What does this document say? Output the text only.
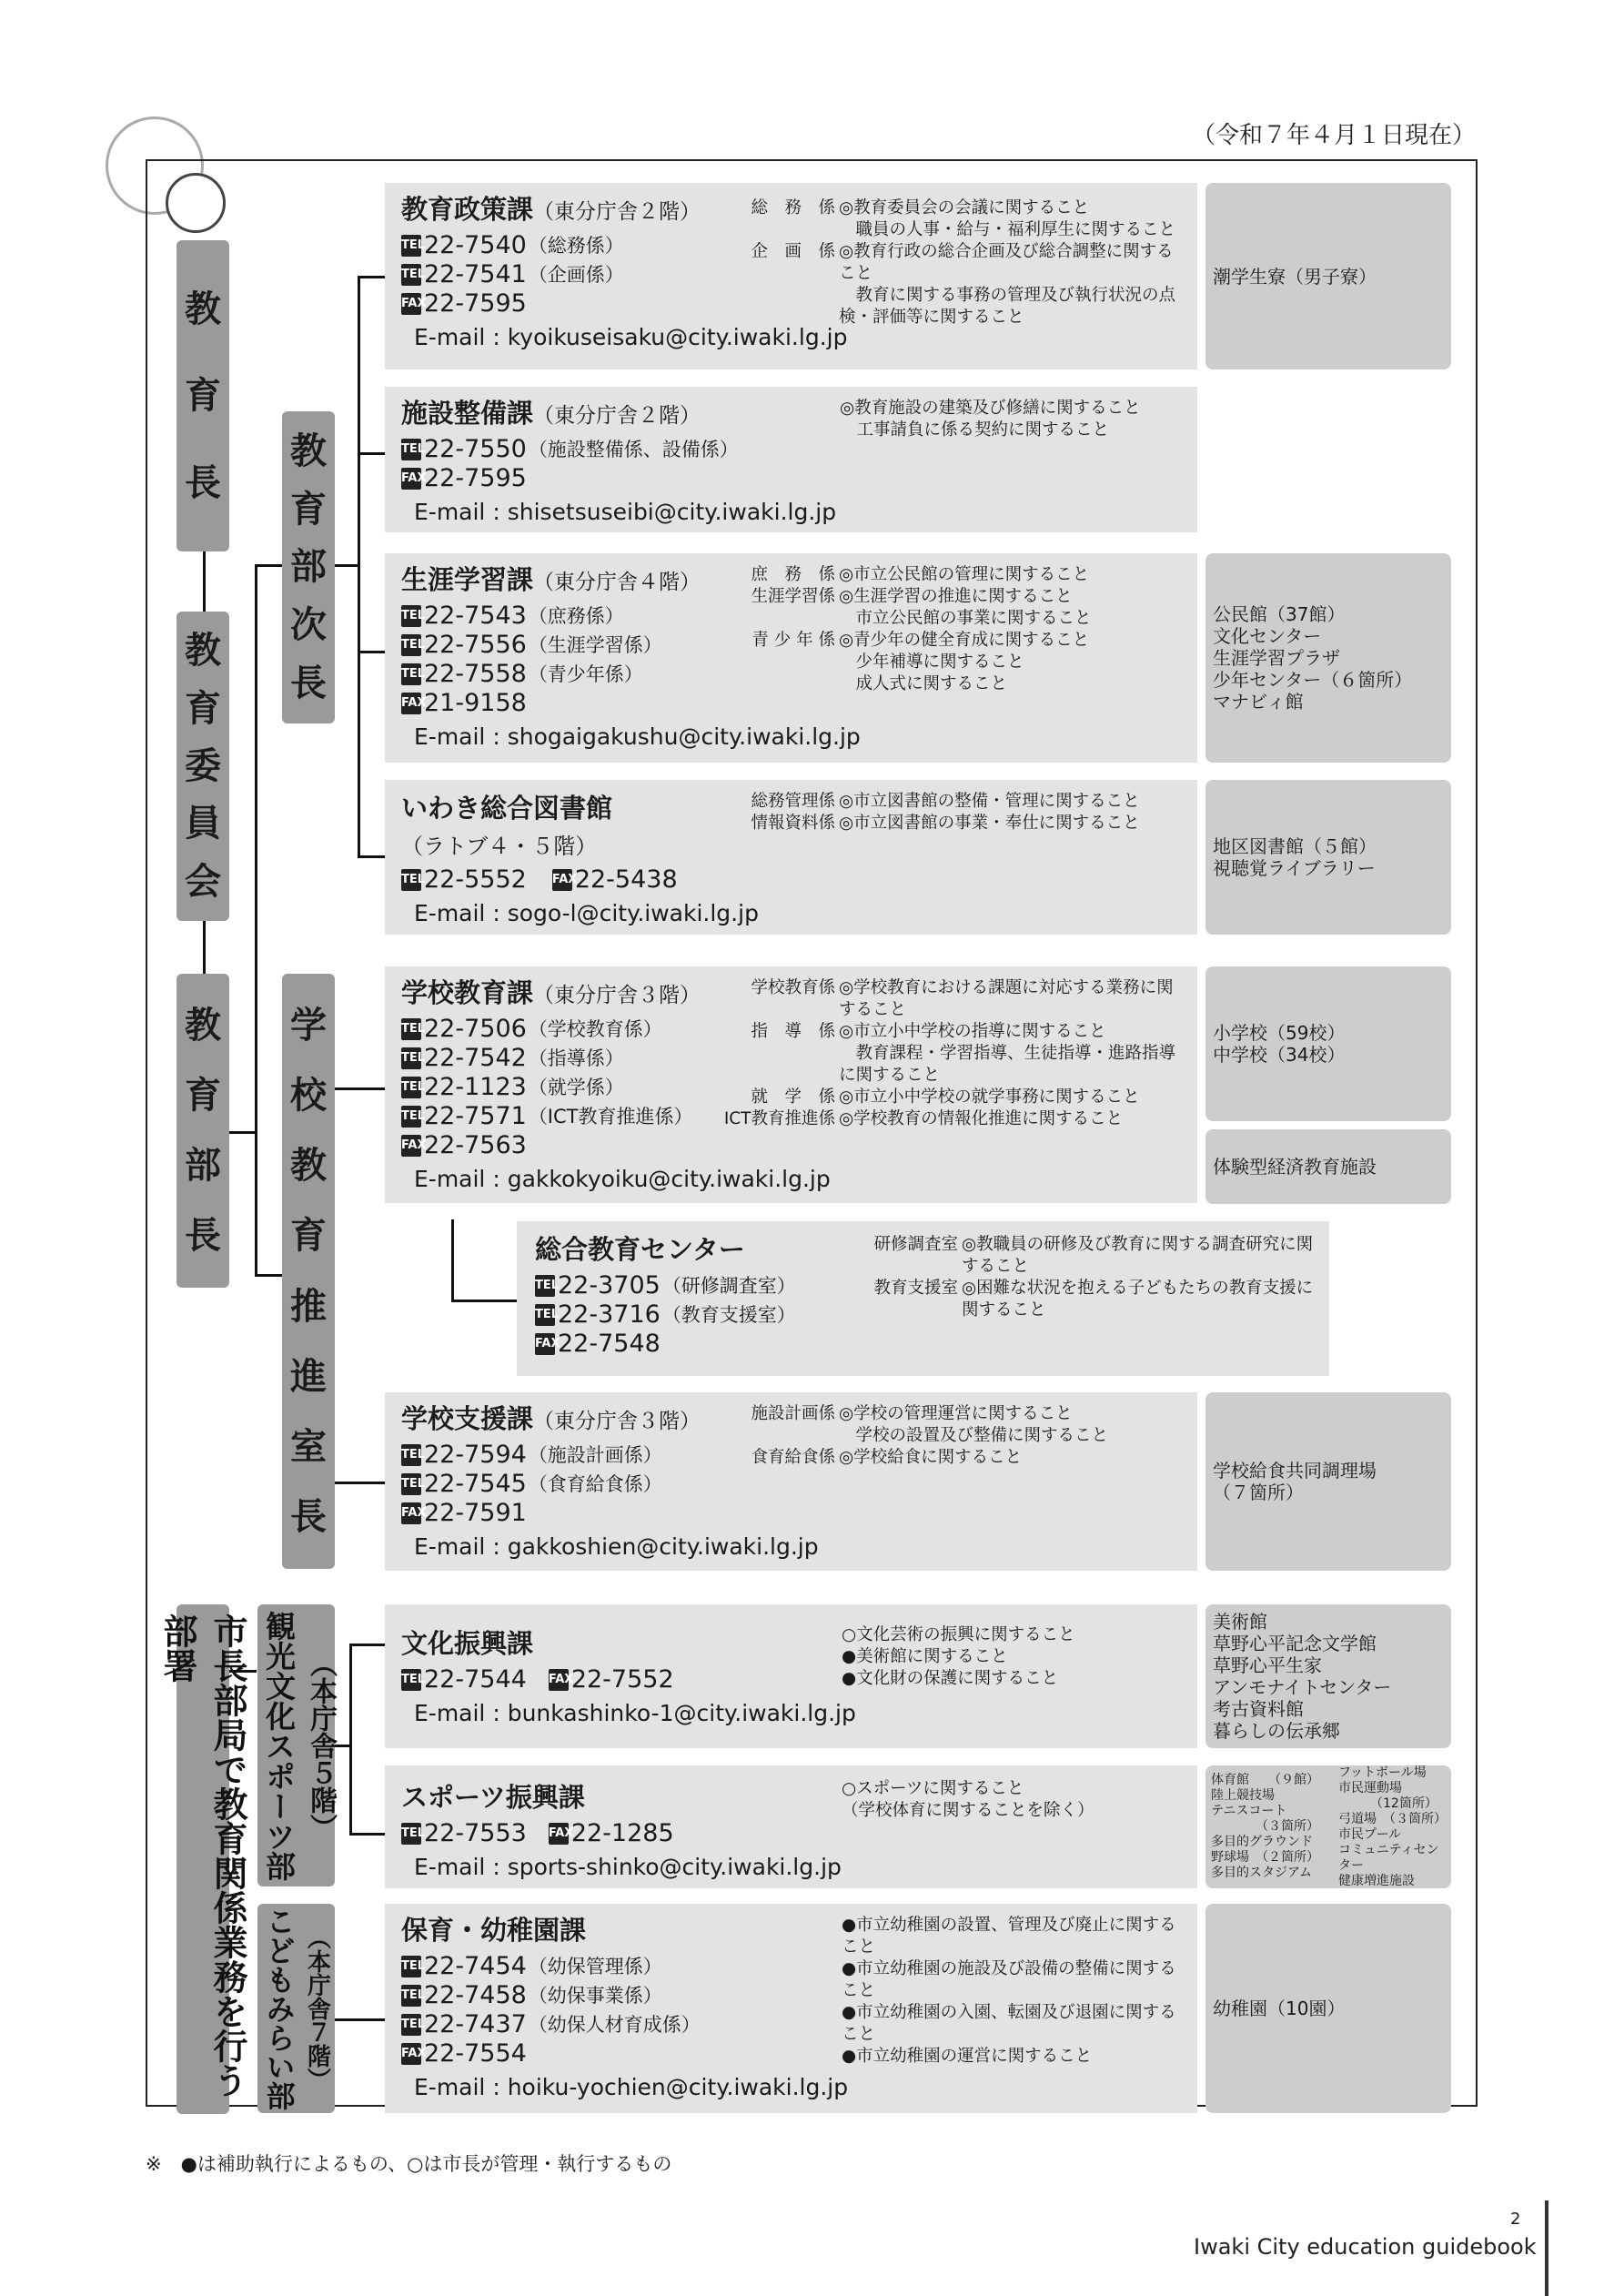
（令和７年４月１日現在）
教
育
長
教
育
委
員
会
教
育
部
長
教
育
部
次
長
学
校
教
育
推
進
室
長
市長部局で教育関係業務を行う部署	観光文化スポーツ部 （本庁舎５階）
こどもみらい部 （本庁舎７階）
教育政策課（東分庁舎２階）
TEL
22-7540 （総務係）
TEL
22-7541 （企画係）
FAX
22-7595
E-mail : kyoikuseisaku@city.iwaki.lg.jp
総　務　係 ◎教育委員会の会議に関すること
　職員の人事・給与・福利厚生に関すること
企　画　係 ◎教育行政の総合企画及び総合調整に関すること
　教育に関する事務の管理及び執行状況の点検・評価等に関すること
潮学生寮（男子寮）
施設整備課（東分庁舎２階）
TEL
22-7550 （施設整備係、設備係）
FAX
22-7595
E-mail : shisetsuseibi@city.iwaki.lg.jp
◎教育施設の建築及び修繕に関すること
　工事請負に係る契約に関すること
生涯学習課（東分庁舎４階）
TEL
22-7543 （庶務係）
TEL
22-7556 （生涯学習係）
TEL
22-7558 （青少年係）
FAX
21-9158
E-mail : shogaigakushu@city.iwaki.lg.jp
庶　務　係 ◎市立公民館の管理に関すること
生涯学習係 ◎生涯学習の推進に関すること
　市立公民館の事業に関すること
青 少 年 係 ◎青少年の健全育成に関すること
　少年補導に関すること
　成人式に関すること
公民館（37館）
文化センター
生涯学習プラザ
少年センター（６箇所）
マナビィ館
いわき総合図書館
（ラトブ４・５階）
TEL
22-5552 FAX
22-5438
E-mail : sogo-l@city.iwaki.lg.jp
総務管理係 ◎市立図書館の整備・管理に関すること
情報資料係 ◎市立図書館の事業・奉仕に関すること
地区図書館（５館）
視聴覚ライブラリー
学校教育課（東分庁舎３階）
TEL
22-7506 （学校教育係）
TEL
22-7542 （指導係）
TEL
22-1123 （就学係）
TEL
22-7571 （ICT教育推進係）
FAX
22-7563
E-mail : gakkokyoiku@city.iwaki.lg.jp
学校教育係 ◎学校教育における課題に対応する業務に関すること
指　導　係 ◎市立小中学校の指導に関すること
　教育課程・学習指導、生徒指導・進路指導に関すること
就　学　係 ◎市立小中学校の就学事務に関すること
ICT教育推進係 ◎学校教育の情報化推進に関すること
小学校（59校）
中学校（34校）
体験型経済教育施設
総合教育センター
TEL
22-3705 （研修調査室）
TEL
22-3716 （教育支援室）
FAX
22-7548
研修調査室 ◎教職員の研修及び教育に関する調査研究に関すること
教育支援室 ◎困難な状況を抱える子どもたちの教育支援に関すること
学校支援課（東分庁舎３階）
TEL
22-7594 （施設計画係）
TEL
22-7545 （食育給食係）
FAX
22-7591
E-mail : gakkoshien@city.iwaki.lg.jp
施設計画係 ◎学校の管理運営に関すること
　学校の設置及び整備に関すること
食育給食係 ◎学校給食に関すること
学校給食共同調理場
（７箇所）
文化振興課
TEL
22-7544 FAX
22-7552
E-mail : bunkashinko-1@city.iwaki.lg.jp
○文化芸術の振興に関すること
●美術館に関すること
●文化財の保護に関すること
美術館
草野心平記念文学館
草野心平生家
アンモナイトセンター
考古資料館
暮らしの伝承郷
スポーツ振興課
TEL
22-7553 FAX
22-1285
E-mail : sports-shinko@city.iwaki.lg.jp
○スポーツに関すること
（学校体育に関することを除く）
体育館　　（９館）
陸上競技場
テニスコート
　　　　（３箇所）
多目的グラウンド
野球場　（２箇所）
多目的スタジアム
フットボール場
市民運動場
　　　（12箇所）
弓道場　（３箇所）
市民プール
コミュニティセンター
健康増進施設
保育・幼稚園課
TEL
22-7454 （幼保管理係）
TEL
22-7458 （幼保事業係）
TEL
22-7437 （幼保人材育成係）
FAX
22-7554
E-mail : hoiku-yochien@city.iwaki.lg.jp
●市立幼稚園の設置、管理及び廃止に関すること
●市立幼稚園の施設及び設備の整備に関すること
●市立幼稚園の入園、転園及び退園に関すること
●市立幼稚園の運営に関すること
幼稚園（10園）
※　●は補助執行によるもの、○は市長が管理・執行するもの
2
Iwaki City education guidebook
